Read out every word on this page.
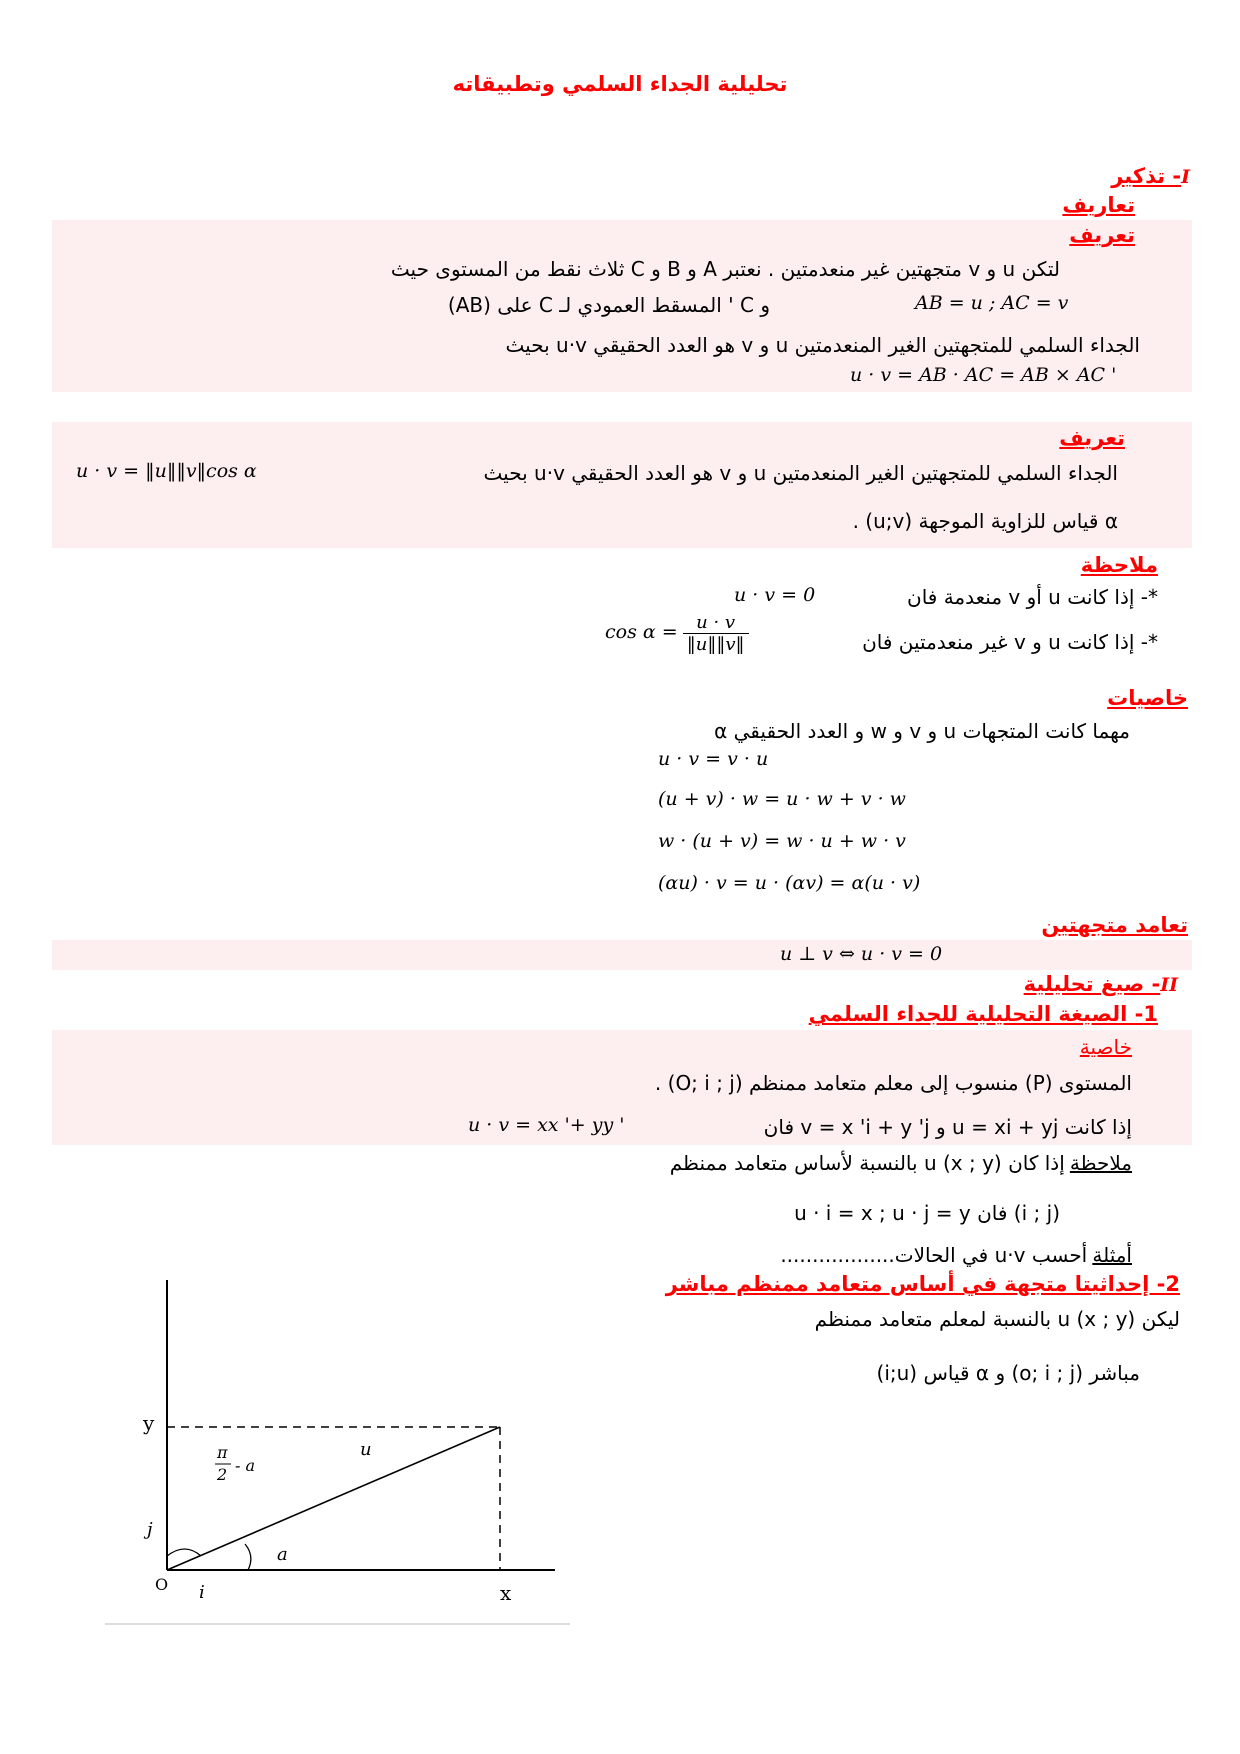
تحليلية الجداء السلمي وتطبيقاته
I- تذكير
تعاريف
تعريف
لتكن u و v متجهتين غير منعدمتين . نعتبر A و B و C ثلاث نقط من المستوى حيث
و C ' المسقط العمودي لـ C على (AB)	AB = u ; AC = v
الجداء السلمي للمتجهتين الغير المنعدمتين u و v هو العدد الحقيقي u·v بحيث
u · v = AB · AC = AB × AC '
تعريف
الجداء السلمي للمتجهتين الغير المنعدمتين u و v هو العدد الحقيقي u·v بحيث
u · v = ‖u‖‖v‖cos α
α قياس للزاوية الموجهة (u;v) .
ملاحظة
*- إذا كانت u أو v منعدمة فان
u · v = 0
*- إذا كانت u و v غير منعدمتين فان
$\cos \alpha = \frac{u \cdot v}{‖u‖‖v‖}$
خاصيات
مهما كانت المتجهات u و v و w و العدد الحقيقي α
u · v = v · u
(u + v) · w = u · w + v · w
w · (u + v) = w · u + w · v
(αu) · v = u · (αv) = α(u · v)
تعامد متجهتين
u ⊥ v ⇔ u · v = 0
II- صيغ تحليلية
1- الصيغة التحليلية للجداء السلمي
خاصية
المستوى (P) منسوب إلى معلم متعامد ممنظم (O; i ; j) .
إذا كانت u = xi + yj و v = x 'i + y 'j فان
u · v = xx '+ yy '
ملاحظة إذا كان u (x ; y) بالنسبة لأساس متعامد ممنظم
(i ; j) فان u · i = x ; u · j = y
أمثلة أحسب u·v في الحالات..................
2- إحداثيتا متجهة في أساس متعامد ممنظم مباشر
ليكن u (x ; y) بالنسبة لمعلم متعامد ممنظم
مباشر (o; i ; j) و α قياس (i;u)
y
x
O i
j
u
a
π
2 - a
